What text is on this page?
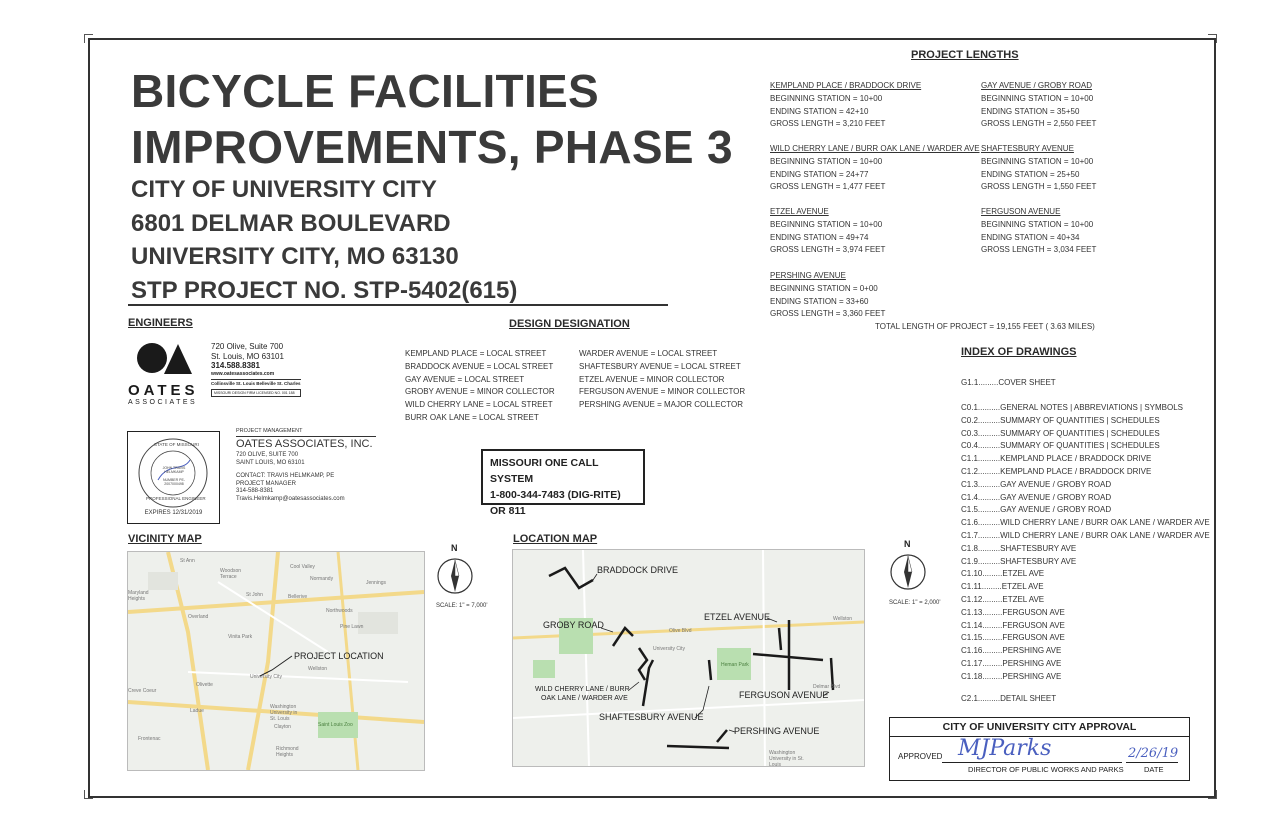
BICYCLE FACILITIES
IMPROVEMENTS, PHASE 3
CITY OF UNIVERSITY CITY
6801 DELMAR BOULEVARD
UNIVERSITY CITY, MO 63130
STP PROJECT NO. STP-5402(615)
ENGINEERS
OATES
ASSOCIATES
720 Olive, Suite 700
St. Louis, MO 63101
314.588.8381
www.oatesassociates.com
Collinsville St. Louis Belleville St. Charles
MISSOURI DESIGN FIRM LICENSED NO. 001 188
STATE OF MISSOURI
JOHN TRAVIS HELMKAMP
NUMBER PE-2007000498
PROFESSIONAL ENGINEER
EXPIRES 12/31/2019
PROJECT MANAGEMENT
OATES ASSOCIATES, INC.
720 OLIVE, SUITE 700
SAINT LOUIS, MO 63101
CONTACT: TRAVIS HELMKAMP, PE
PROJECT MANAGER
314-588-8381
Travis.Helmkamp@oatesassociates.com
DESIGN DESIGNATION
KEMPLAND PLACE = LOCAL STREET
BRADDOCK AVENUE = LOCAL STREET
GAY AVENUE = LOCAL STREET
GROBY AVENUE = MINOR COLLECTOR
WILD CHERRY LANE = LOCAL STREET
BURR OAK LANE = LOCAL STREET
WARDER AVENUE = LOCAL STREET
SHAFTESBURY AVENUE = LOCAL STREET
ETZEL AVENUE = MINOR COLLECTOR
FERGUSON AVENUE = MINOR COLLECTOR
PERSHING AVENUE = MAJOR COLLECTOR
MISSOURI ONE CALL SYSTEM
1-800-344-7483 (DIG-RITE)
OR 811
PROJECT LENGTHS
KEMPLAND PLACE / BRADDOCK DRIVE
BEGINNING STATION = 10+00
ENDING STATION = 42+10
GROSS LENGTH = 3,210 FEET
GAY AVENUE / GROBY ROAD
BEGINNING STATION = 10+00
ENDING STATION = 35+50
GROSS LENGTH = 2,550 FEET
WILD CHERRY LANE / BURR OAK LANE / WARDER AVE
BEGINNING STATION = 10+00
ENDING STATION = 24+77
GROSS LENGTH = 1,477 FEET
SHAFTESBURY AVENUE
BEGINNING STATION = 10+00
ENDING STATION = 25+50
GROSS LENGTH = 1,550 FEET
ETZEL AVENUE
BEGINNING STATION = 10+00
ENDING STATION = 49+74
GROSS LENGTH = 3,974 FEET
FERGUSON AVENUE
BEGINNING STATION = 10+00
ENDING STATION = 40+34
GROSS LENGTH = 3,034 FEET
PERSHING AVENUE
BEGINNING STATION = 0+00
ENDING STATION = 33+60
GROSS LENGTH = 3,360 FEET
TOTAL LENGTH OF PROJECT = 19,155 FEET ( 3.63 MILES)
INDEX OF DRAWINGS
G1.1.........COVER SHEET
C0.1..........GENERAL NOTES | ABBREVIATIONS | SYMBOLS
C0.2..........SUMMARY OF QUANTITIES | SCHEDULES
C0.3..........SUMMARY OF QUANTITIES | SCHEDULES
C0.4..........SUMMARY OF QUANTITIES | SCHEDULES
C1.1..........KEMPLAND PLACE / BRADDOCK DRIVE
C1.2..........KEMPLAND PLACE / BRADDOCK DRIVE
C1.3..........GAY AVENUE / GROBY ROAD
C1.4..........GAY AVENUE / GROBY ROAD
C1.5..........GAY AVENUE / GROBY ROAD
C1.6..........WILD CHERRY LANE / BURR OAK LANE / WARDER AVE
C1.7..........WILD CHERRY LANE / BURR OAK LANE / WARDER AVE
C1.8..........SHAFTESBURY AVE
C1.9..........SHAFTESBURY AVE
C1.10.........ETZEL AVE
C1.11.........ETZEL AVE
C1.12.........ETZEL AVE
C1.13.........FERGUSON AVE
C1.14.........FERGUSON AVE
C1.15.........FERGUSON AVE
C1.16.........PERSHING AVE
C1.17.........PERSHING AVE
C1.18.........PERSHING AVE
C2.1..........DETAIL SHEET
VICINITY MAP
Cool Valley
Woodson Terrace
St Ann
Normandy
Jennings
St John	Bellerive
Overland
Northwoods
Pine Lawn
Vinita Park
Wellston
University City
Olivette
Ladue
Washington University in St. Louis
Clayton	Saint Louis Zoo
Richmond Heights
Frontenac
Creve Coeur
Maryland Heights
PROJECT LOCATION
N
SCALE: 1" = 7,000'
LOCATION MAP
BRADDOCK DRIVE
GROBY ROAD
ETZEL AVENUE
WILD CHERRY LANE / BURR
OAK LANE / WARDER AVE	FERGUSON AVENUE
SHAFTESBURY AVENUE
PERSHING AVENUE
University City
Wellston
Delmar Blvd
Olive Blvd
Heman Park
Washington University in St. Louis
N
SCALE: 1" = 2,000'
CITY OF UNIVERSITY CITY APPROVAL
APPROVED MJParks	2/26/19
DIRECTOR OF PUBLIC WORKS AND PARKS	DATE
